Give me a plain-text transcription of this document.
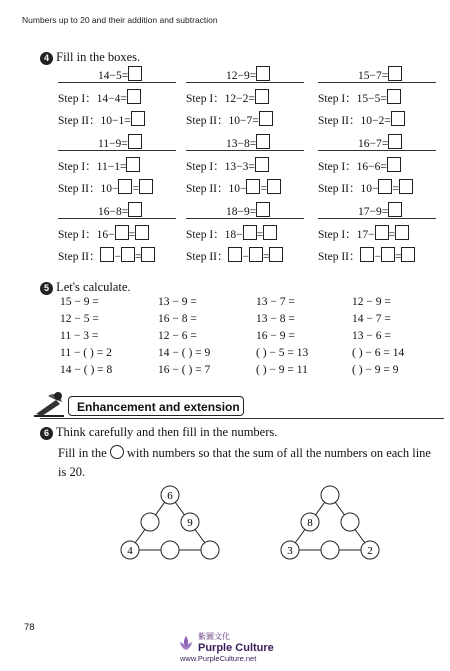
Numbers up to 20 and their addition and subtraction
4 Fill in the boxes.
14−5=
Step I：14−4=
Step II：10−1=
12−9=
Step I：12−2=
Step II：10−7=
15−7=
Step I：15−5=
Step II：10−2=
11−9=
Step I：11−1=
Step II：10− =
13−8=
Step I：13−3=
Step II：10− =
16−7=
Step I：16−6=
Step II：10− =
16−8=
Step I：16− =
Step II： − =
18−9=
Step I：18− =
Step II： − =
17−9=
Step I：17− =
Step II： − =
5 Let's calculate.
15 − 9 =	13 − 9 =	13 − 7 =	12 − 9 =
12 − 5 =	16 − 8 =	13 − 8 =	14 − 7 =
11 − 3 =	12 − 6 =	16 − 9 =	13 − 6 =
11 − ( ) = 2	14 − ( ) = 9	( ) − 5 = 13	( ) − 6 = 14
14 − ( ) = 8	16 − ( ) = 7	( ) − 9 = 11	( ) − 9 = 9
Enhancement and extension
6 Think carefully and then fill in the numbers.
Fill in the with numbers so that the sum of all the numbers on each line
is 20.
6
9
4
8
3	2
78
紫圖文化
Purple Culture
www.PurpleCulture.net
